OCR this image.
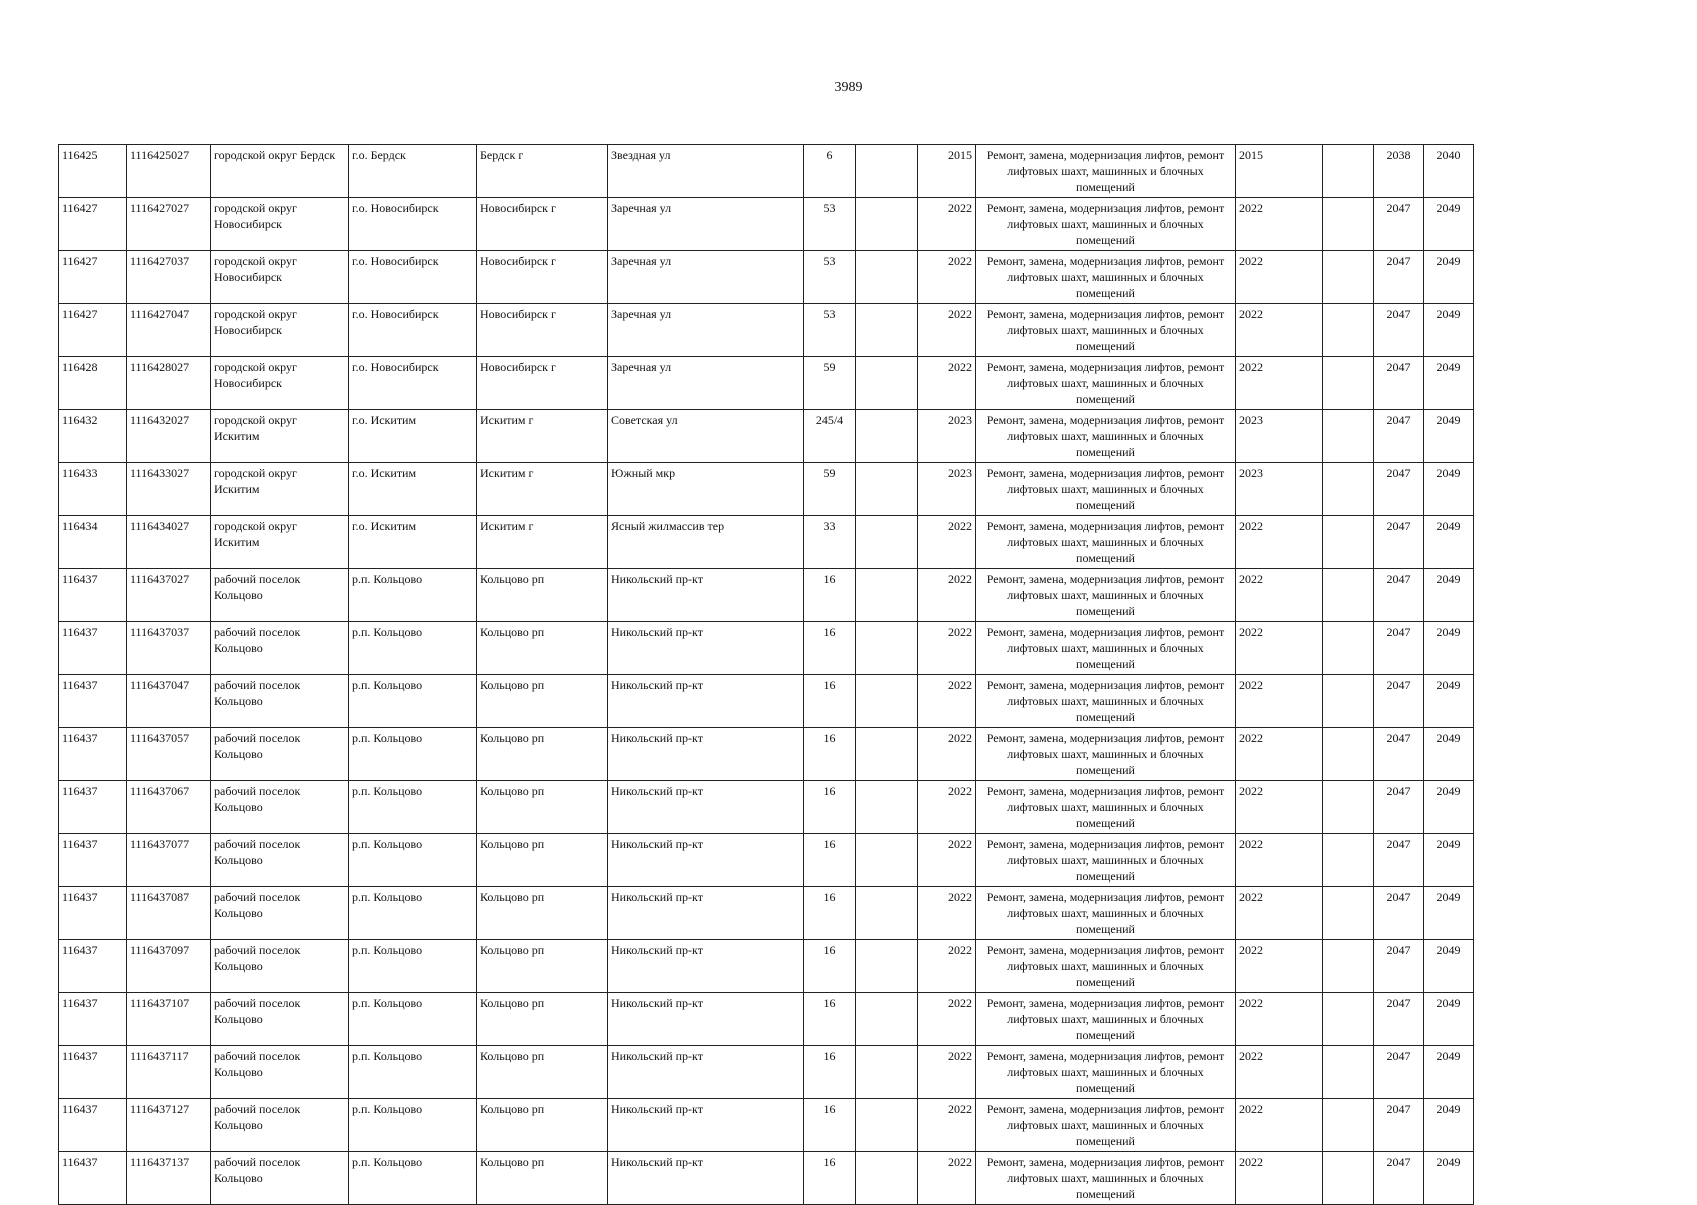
3989
116425	1116425027	городской округ Бердск	г.о. Бердск	Бердск г	Звездная ул	6		2015	Ремонт, замена, модернизация лифтов, ремонт лифтовых шахт, машинных и блочных помещений	2015		2038	2040
116427	1116427027	городской округ Новосибирск	г.о. Новосибирск	Новосибирск г	Заречная ул	53		2022	Ремонт, замена, модернизация лифтов, ремонт лифтовых шахт, машинных и блочных помещений	2022		2047	2049
116427	1116427037	городской округ Новосибирск	г.о. Новосибирск	Новосибирск г	Заречная ул	53		2022	Ремонт, замена, модернизация лифтов, ремонт лифтовых шахт, машинных и блочных помещений	2022		2047	2049
116427	1116427047	городской округ Новосибирск	г.о. Новосибирск	Новосибирск г	Заречная ул	53		2022	Ремонт, замена, модернизация лифтов, ремонт лифтовых шахт, машинных и блочных помещений	2022		2047	2049
116428	1116428027	городской округ Новосибирск	г.о. Новосибирск	Новосибирск г	Заречная ул	59		2022	Ремонт, замена, модернизация лифтов, ремонт лифтовых шахт, машинных и блочных помещений	2022		2047	2049
116432	1116432027	городской округ Искитим	г.о. Искитим	Искитим г	Советская ул	245/4		2023	Ремонт, замена, модернизация лифтов, ремонт лифтовых шахт, машинных и блочных помещений	2023		2047	2049
116433	1116433027	городской округ Искитим	г.о. Искитим	Искитим г	Южный мкр	59		2023	Ремонт, замена, модернизация лифтов, ремонт лифтовых шахт, машинных и блочных помещений	2023		2047	2049
116434	1116434027	городской округ Искитим	г.о. Искитим	Искитим г	Ясный жилмассив тер	33		2022	Ремонт, замена, модернизация лифтов, ремонт лифтовых шахт, машинных и блочных помещений	2022		2047	2049
116437	1116437027	рабочий поселок Кольцово	р.п. Кольцово	Кольцово рп	Никольский пр-кт	16		2022	Ремонт, замена, модернизация лифтов, ремонт лифтовых шахт, машинных и блочных помещений	2022		2047	2049
116437	1116437037	рабочий поселок Кольцово	р.п. Кольцово	Кольцово рп	Никольский пр-кт	16		2022	Ремонт, замена, модернизация лифтов, ремонт лифтовых шахт, машинных и блочных помещений	2022		2047	2049
116437	1116437047	рабочий поселок Кольцово	р.п. Кольцово	Кольцово рп	Никольский пр-кт	16		2022	Ремонт, замена, модернизация лифтов, ремонт лифтовых шахт, машинных и блочных помещений	2022		2047	2049
116437	1116437057	рабочий поселок Кольцово	р.п. Кольцово	Кольцово рп	Никольский пр-кт	16		2022	Ремонт, замена, модернизация лифтов, ремонт лифтовых шахт, машинных и блочных помещений	2022		2047	2049
116437	1116437067	рабочий поселок Кольцово	р.п. Кольцово	Кольцово рп	Никольский пр-кт	16		2022	Ремонт, замена, модернизация лифтов, ремонт лифтовых шахт, машинных и блочных помещений	2022		2047	2049
116437	1116437077	рабочий поселок Кольцово	р.п. Кольцово	Кольцово рп	Никольский пр-кт	16		2022	Ремонт, замена, модернизация лифтов, ремонт лифтовых шахт, машинных и блочных помещений	2022		2047	2049
116437	1116437087	рабочий поселок Кольцово	р.п. Кольцово	Кольцово рп	Никольский пр-кт	16		2022	Ремонт, замена, модернизация лифтов, ремонт лифтовых шахт, машинных и блочных помещений	2022		2047	2049
116437	1116437097	рабочий поселок Кольцово	р.п. Кольцово	Кольцово рп	Никольский пр-кт	16		2022	Ремонт, замена, модернизация лифтов, ремонт лифтовых шахт, машинных и блочных помещений	2022		2047	2049
116437	1116437107	рабочий поселок Кольцово	р.п. Кольцово	Кольцово рп	Никольский пр-кт	16		2022	Ремонт, замена, модернизация лифтов, ремонт лифтовых шахт, машинных и блочных помещений	2022		2047	2049
116437	1116437117	рабочий поселок Кольцово	р.п. Кольцово	Кольцово рп	Никольский пр-кт	16		2022	Ремонт, замена, модернизация лифтов, ремонт лифтовых шахт, машинных и блочных помещений	2022		2047	2049
116437	1116437127	рабочий поселок Кольцово	р.п. Кольцово	Кольцово рп	Никольский пр-кт	16		2022	Ремонт, замена, модернизация лифтов, ремонт лифтовых шахт, машинных и блочных помещений	2022		2047	2049
116437	1116437137	рабочий поселок Кольцово	р.п. Кольцово	Кольцово рп	Никольский пр-кт	16		2022	Ремонт, замена, модернизация лифтов, ремонт лифтовых шахт, машинных и блочных помещений	2022		2047	2049
